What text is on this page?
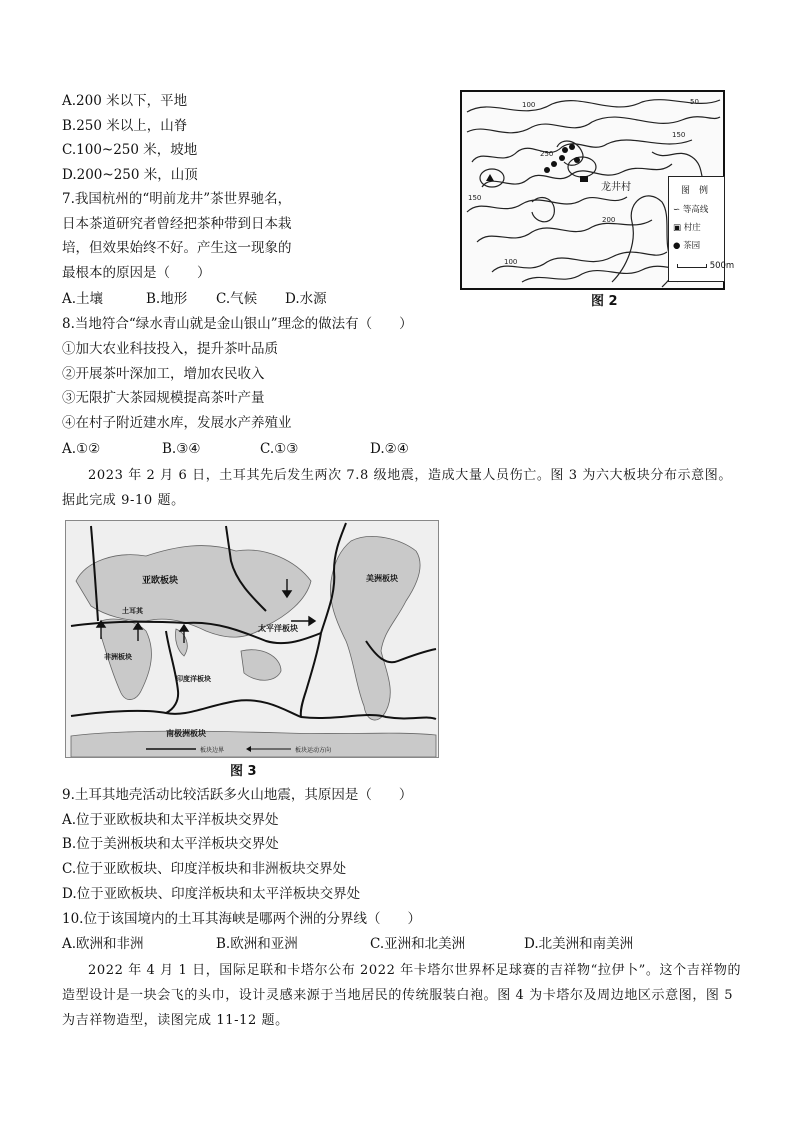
A.200 米以下，平地
B.250 米以上，山脊
C.100~250 米，坡地
D.200~250 米，山顶
7.我国杭州的“明前龙井”茶世界驰名，
日本茶道研究者曾经把茶种带到日本栽
培，但效果始终不好。产生这一现象的
最根本的原因是（　　）
A.土壤	B.地形 C.气候 D.水源
100
150
250
200
100
50
150
龙井村	图　例
∽ 等高线
▣ 村庄
● 茶园
500m
图 2
8.当地符合“绿水青山就是金山银山”理念的做法有（　　）
①加大农业科技投入，提升茶叶品质
②开展茶叶深加工，增加农民收入
③无限扩大茶园规模提高茶叶产量
④在村子附近建水库，发展水产养殖业
A.①②	B.③④	C.①③	D.②④
2023 年 2 月 6 日，土耳其先后发生两次 7.8 级地震，造成大量人员伤亡。图 3 为六大板块分布示意图。据此完成 9-10 题。
亚欧板块
土耳其
太平洋板块
印度洋板块
非洲板块
美洲板块
南极洲板块
板块边界	板块运动方向
图 3
9.土耳其地壳活动比较活跃多火山地震，其原因是（　　）
A.位于亚欧板块和太平洋板块交界处
B.位于美洲板块和太平洋板块交界处
C.位于亚欧板块、印度洋板块和非洲板块交界处
D.位于亚欧板块、印度洋板块和太平洋板块交界处
10.位于该国境内的土耳其海峡是哪两个洲的分界线（　　）
A.欧洲和非洲	B.欧洲和亚洲	C.亚洲和北美洲	D.北美洲和南美洲
2022 年 4 月 1 日，国际足联和卡塔尔公布 2022 年卡塔尔世界杯足球赛的吉祥物“拉伊卜”。这个吉祥物的造型设计是一块会飞的头巾，设计灵感来源于当地居民的传统服装白袍。图 4 为卡塔尔及周边地区示意图，图 5 为吉祥物造型，读图完成 11-12 题。
